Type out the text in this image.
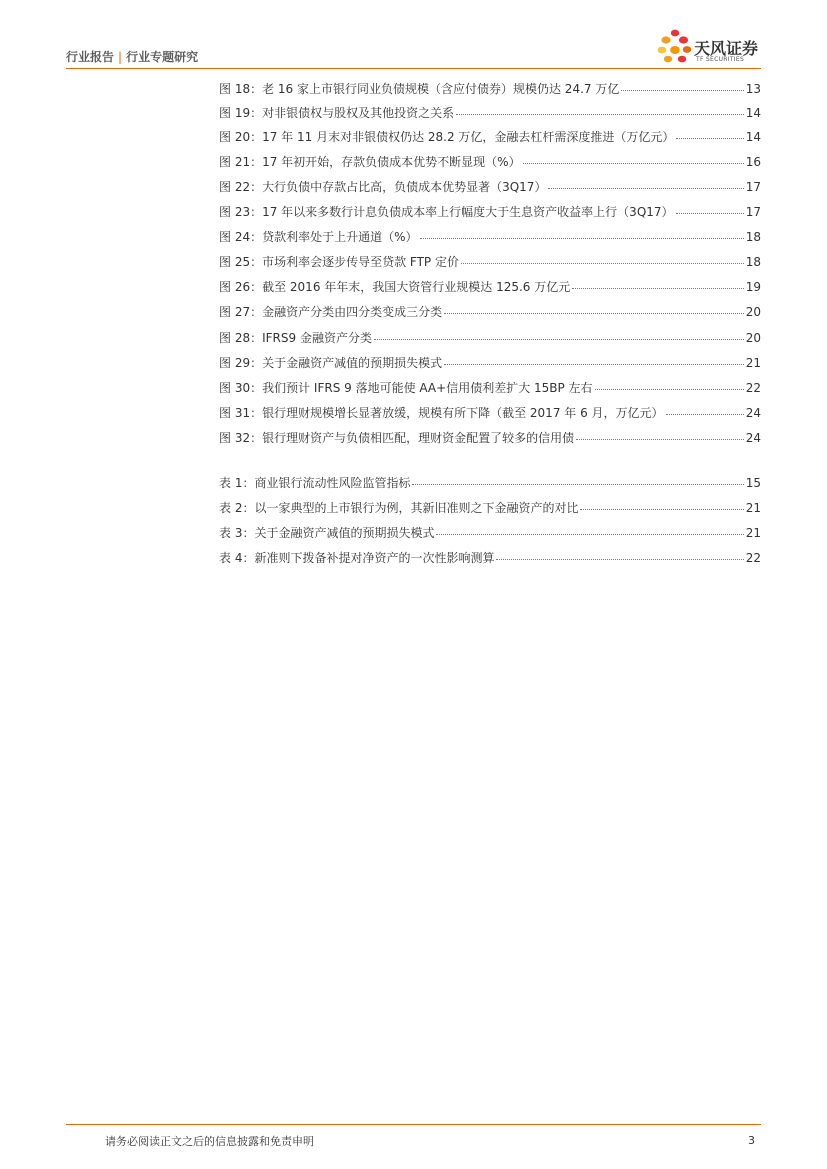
行业报告 | 行业专题研究	天风证券
TF SECURITIES
图 18： 老 16 家上市银行同业负债规模（含应付债券）规模仍达 24.7 万亿	13
图 19： 对非银债权与股权及其他投资之关系	14
图 20： 17 年 11 月末对非银债权仍达 28.2 万亿，金融去杠杆需深度推进（万亿元）	14
图 21： 17 年初开始，存款负债成本优势不断显现（%）	16
图 22： 大行负债中存款占比高，负债成本优势显著（3Q17）	17
图 23： 17 年以来多数行计息负债成本率上行幅度大于生息资产收益率上行（3Q17）	17
图 24： 贷款利率处于上升通道（%）	18
图 25： 市场利率会逐步传导至贷款 FTP 定价	18
图 26： 截至 2016 年年末，我国大资管行业规模达 125.6 万亿元	19
图 27： 金融资产分类由四分类变成三分类	20
图 28： IFRS9 金融资产分类	20
图 29： 关于金融资产减值的预期损失模式	21
图 30： 我们预计 IFRS 9 落地可能使 AA+信用债利差扩大 15BP 左右	22
图 31： 银行理财规模增长显著放缓，规模有所下降（截至 2017 年 6 月，万亿元）	24
图 32： 银行理财资产与负债相匹配，理财资金配置了较多的信用债	24
表 1： 商业银行流动性风险监管指标	15
表 2： 以一家典型的上市银行为例，其新旧准则之下金融资产的对比	21
表 3： 关于金融资产减值的预期损失模式	21
表 4： 新准则下拨备补提对净资产的一次性影响测算	22
请务必阅读正文之后的信息披露和免责申明	3
